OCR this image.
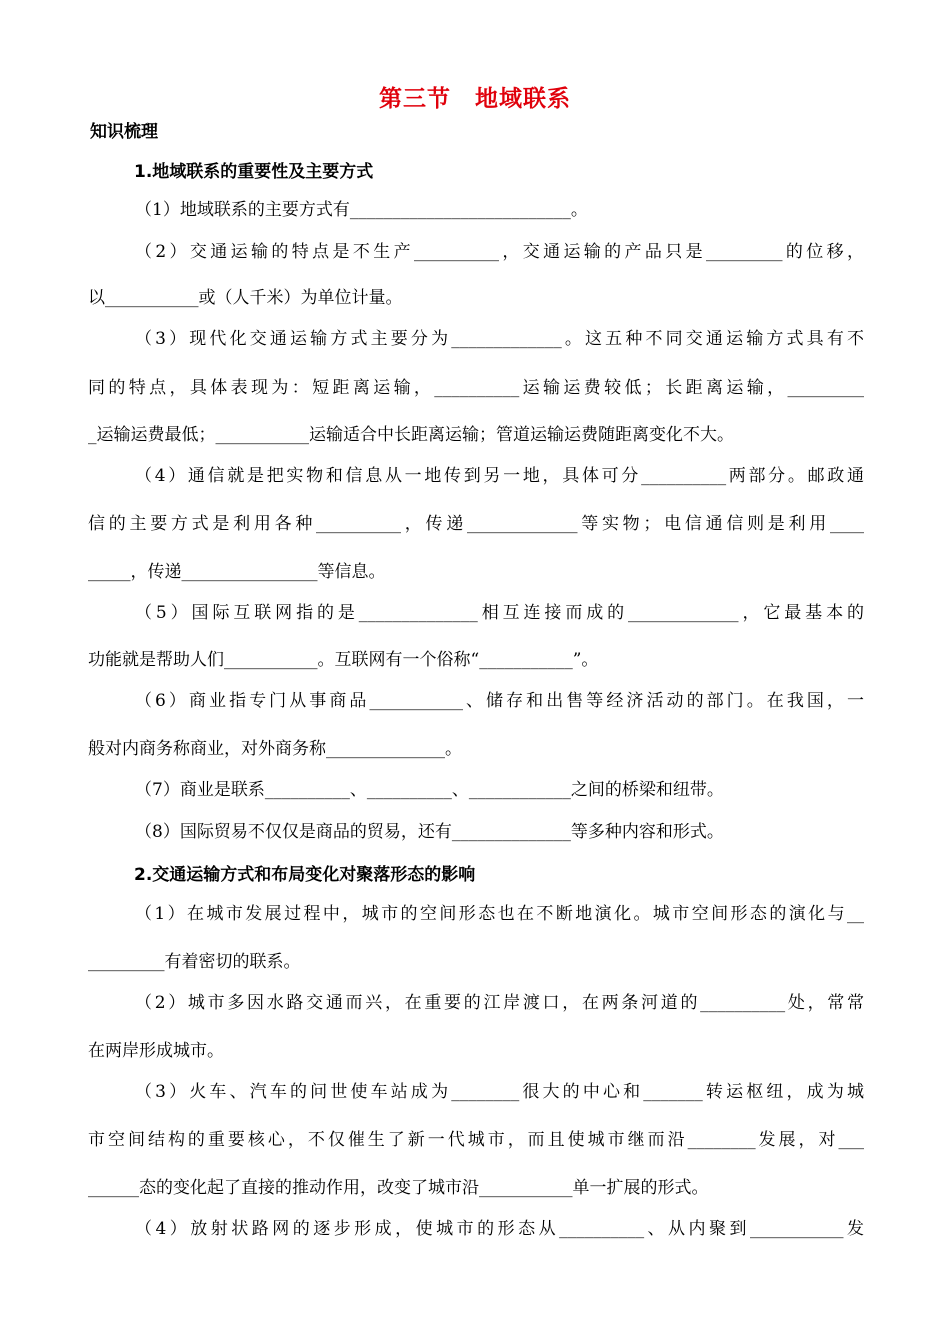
第三节　地域联系
知识梳理
1.地域联系的重要性及主要方式
（1）地域联系的主要方式有__________________________。
（2）交通运输的特点是不生产__________，交通运输的产品只是_________的位移，
以___________或（人千米）为单位计量。
（3）现代化交通运输方式主要分为_____________。这五种不同交通运输方式具有不
同的特点，具体表现为：短距离运输，__________运输运费较低；长距离运输，_________
_运输运费最低；___________运输适合中长距离运输；管道运输运费随距离变化不大。
（4）通信就是把实物和信息从一地传到另一地，具体可分__________两部分。邮政通
信的主要方式是利用各种__________，传递_____________等实物；电信通信则是利用____
_____，传递________________等信息。
（5）国际互联网指的是______________相互连接而成的_____________，它最基本的
功能就是帮助人们___________。互联网有一个俗称“___________”。
（6）商业指专门从事商品___________、储存和出售等经济活动的部门。在我国，一
般对内商务称商业，对外商务称______________。
（7）商业是联系__________、__________、____________之间的桥梁和纽带。
（8）国际贸易不仅仅是商品的贸易，还有______________等多种内容和形式。
2.交通运输方式和布局变化对聚落形态的影响
（1）在城市发展过程中，城市的空间形态也在不断地演化。城市空间形态的演化与__
_________有着密切的联系。
（2）城市多因水路交通而兴，在重要的江岸渡口，在两条河道的__________处，常常
在两岸形成城市。
（3）火车、汽车的问世使车站成为________很大的中心和_______转运枢纽，成为城
市空间结构的重要核心，不仅催生了新一代城市，而且使城市继而沿________发展，对___
______态的变化起了直接的推动作用，改变了城市沿___________单一扩展的形式。
（4）放射状路网的逐步形成，使城市的形态从__________、从内聚到___________发
